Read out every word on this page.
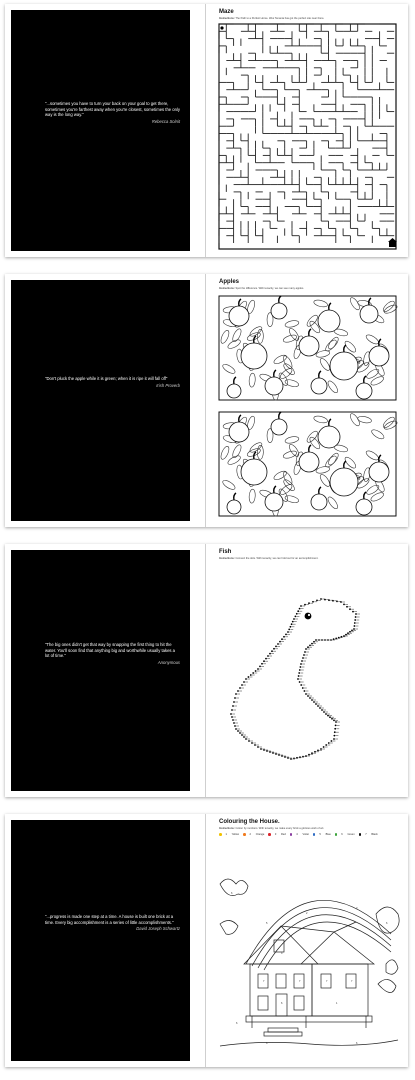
"...sometimes you have to turn your back on your goal to get there, sometimes you're farthest away when you're closest, sometimes the only way is the long way."
Rebecca Solnit
Maze
Instructions: The Path to a Perfect Home. Wes Tenanta has got the perfect site near there.
"Don't pluck the apple while it is green; when it is ripe it will fall off"
Irish Proverb
Apples
Instructions: Spot the difference. With tenacity, we can see many apples.
"The big ones didn't get that way by snapping the first thing to hit the water. You'll soon find that anything big and worthwhile usually takes a lot of time."
Anonymous
Fish
Instructions: Connect the dots. With tenacity, we can hold out for an accomplishment.
"...progress is made one step at a time. A house is built one brick at a time. Every big accomplishment is a series of little accomplishments."
David Joseph Schwartz
Colouring the House.
Instructions: Colour by numbers. With tenacity, we make every brick a glorious work of art.
1 Yellow	2 Orange	3 Red	4 Violet	5 Blue	6 Green	7 Black
5
2
3
4
7	7	7	7
6	1
6	6
6
6
6
